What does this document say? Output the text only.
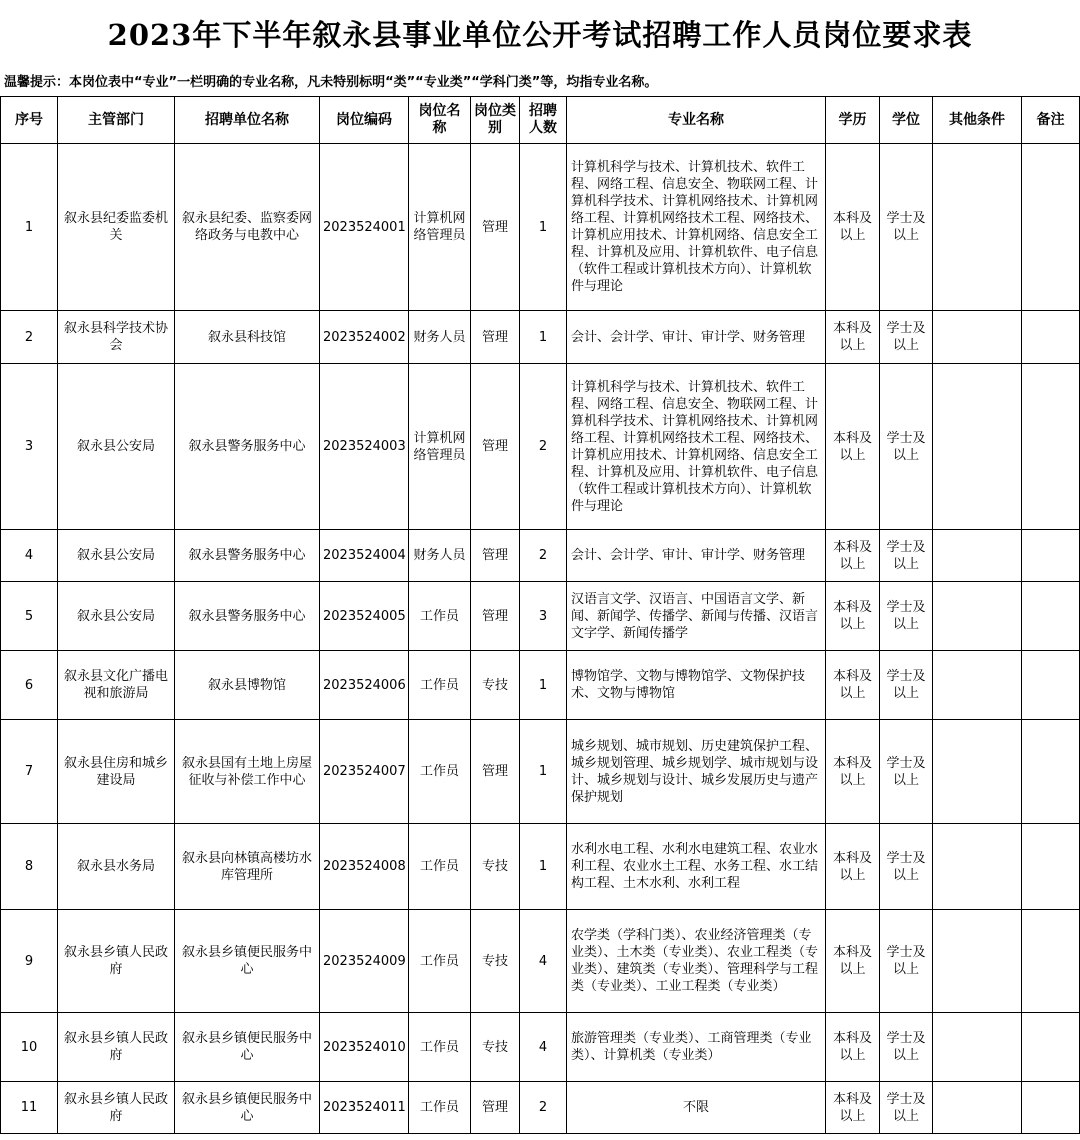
2023年下半年叙永县事业单位公开考试招聘工作人员岗位要求表
温馨提示：本岗位表中“专业”一栏明确的专业名称，凡未特别标明“类”“专业类”“学科门类”等，均指专业名称。
序号	主管部门	招聘单位名称	岗位编码	岗位名称	岗位类别	招聘人数	专业名称	学历	学位	其他条件	备注
1	叙永县纪委监委机关	叙永县纪委、监察委网络政务与电教中心	2023524001	计算机网络管理员	管理	1	计算机科学与技术、计算机技术、软件工程、网络工程、信息安全、物联网工程、计算机科学技术、计算机网络技术、计算机网络工程、计算机网络技术工程、网络技术、计算机应用技术、计算机网络、信息安全工程、计算机及应用、计算机软件、电子信息（软件工程或计算机技术方向）、计算机软件与理论	本科及以上	学士及以上		
2	叙永县科学技术协会	叙永县科技馆	2023524002	财务人员	管理	1	会计、会计学、审计、审计学、财务管理	本科及以上	学士及以上		
3	叙永县公安局	叙永县警务服务中心	2023524003	计算机网络管理员	管理	2	计算机科学与技术、计算机技术、软件工程、网络工程、信息安全、物联网工程、计算机科学技术、计算机网络技术、计算机网络工程、计算机网络技术工程、网络技术、计算机应用技术、计算机网络、信息安全工程、计算机及应用、计算机软件、电子信息（软件工程或计算机技术方向）、计算机软件与理论	本科及以上	学士及以上		
4	叙永县公安局	叙永县警务服务中心	2023524004	财务人员	管理	2	会计、会计学、审计、审计学、财务管理	本科及以上	学士及以上		
5	叙永县公安局	叙永县警务服务中心	2023524005	工作员	管理	3	汉语言文学、汉语言、中国语言文学、新闻、新闻学、传播学、新闻与传播、汉语言文字学、新闻传播学	本科及以上	学士及以上		
6	叙永县文化广播电视和旅游局	叙永县博物馆	2023524006	工作员	专技	1	博物馆学、文物与博物馆学、文物保护技术、文物与博物馆	本科及以上	学士及以上		
7	叙永县住房和城乡建设局	叙永县国有土地上房屋征收与补偿工作中心	2023524007	工作员	管理	1	城乡规划、城市规划、历史建筑保护工程、城乡规划管理、城乡规划学、城市规划与设计、城乡规划与设计、城乡发展历史与遗产保护规划	本科及以上	学士及以上		
8	叙永县水务局	叙永县向林镇高楼坊水库管理所	2023524008	工作员	专技	1	水利水电工程、水利水电建筑工程、农业水利工程、农业水土工程、水务工程、水工结构工程、土木水利、水利工程	本科及以上	学士及以上		
9	叙永县乡镇人民政府	叙永县乡镇便民服务中心	2023524009	工作员	专技	4	农学类（学科门类）、农业经济管理类（专业类）、土木类（专业类）、农业工程类（专业类）、建筑类（专业类）、管理科学与工程类（专业类）、工业工程类（专业类）	本科及以上	学士及以上		
10	叙永县乡镇人民政府	叙永县乡镇便民服务中心	2023524010	工作员	专技	4	旅游管理类（专业类）、工商管理类（专业类）、计算机类（专业类）	本科及以上	学士及以上		
11	叙永县乡镇人民政府	叙永县乡镇便民服务中心	2023524011	工作员	管理	2	不限	本科及以上	学士及以上		
